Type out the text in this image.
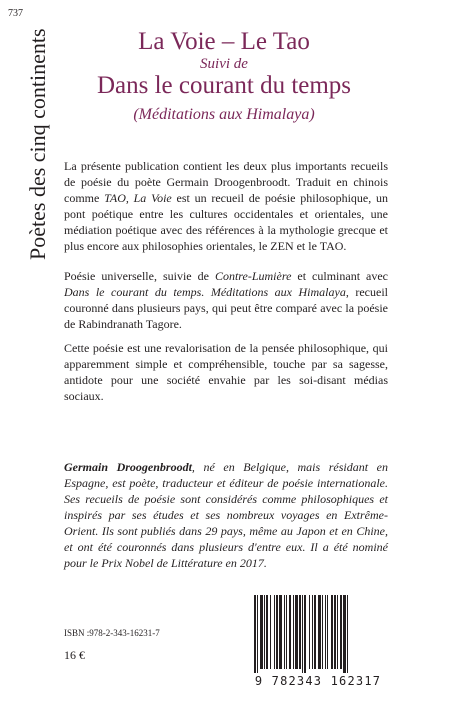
737
Poètes des cinq continents	La Voie – Le Tao
Suivi de
Dans le courant du temps
(Méditations aux Himalaya)
La présente publication contient les deux plus importants recueils de poésie du poète Germain Droogenbroodt. Traduit en chinois comme TAO, La Voie est un recueil de poésie philosophique, un pont poétique entre les cultures occidentales et orientales, une médiation poétique avec des références à la mythologie grecque et plus encore aux philosophies orientales, le ZEN et le TAO.
Poésie universelle, suivie de Contre-Lumière et culminant avec Dans le courant du temps. Méditations aux Himalaya, recueil couronné dans plusieurs pays, qui peut être comparé avec la poésie de Rabindranath Tagore.
Cette poésie est une revalorisation de la pensée philosophique, qui apparemment simple et compréhensible, touche par sa sagesse, antidote pour une société envahie par les soi-disant médias sociaux.
Germain Droogenbroodt, né en Belgique, mais résidant en Espagne, est poète, traducteur et éditeur de poésie internationale. Ses recueils de poésie sont considérés comme philosophiques et inspirés par ses études et ses nombreux voyages en Extrême-Orient. Ils sont publiés dans 29 pays, même au Japon et en Chine, et ont été couronnés dans plusieurs d'entre eux. Il a été nominé pour le Prix Nobel de Littérature en 2017.
ISBN :978-2-343-16231-7
16 €
9 782343 162317
